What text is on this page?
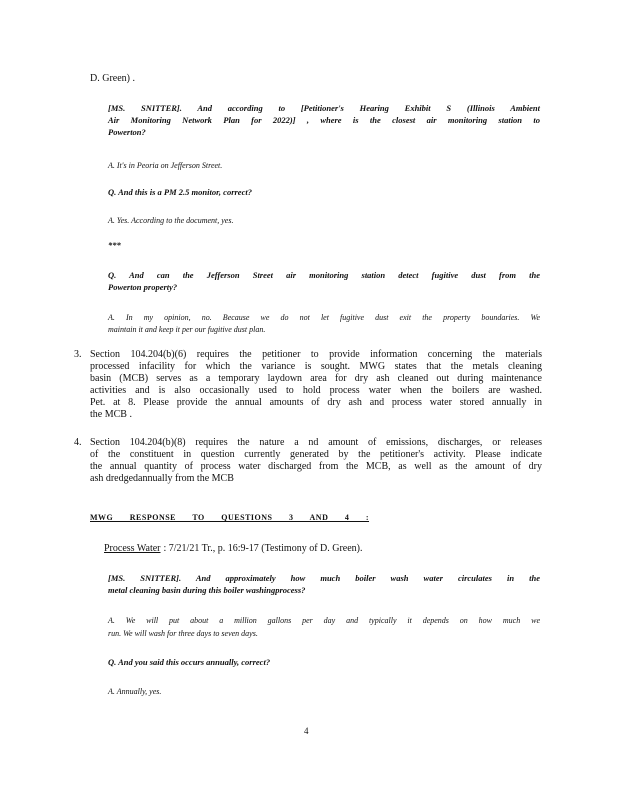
D. Green) .
[MS. SNITTER]. And according to [Petitioner's Hearing Exhibit S (Illinois Ambient
Air Monitoring Network Plan for 2022)] , where is the closest air monitoring station to
Powerton?
A. It's in Peoria on Jefferson Street.
Q. And this is a PM 2.5 monitor, correct?
A. Yes. According to the document, yes.
***
Q. And can the Jefferson Street air monitoring station detect fugitive dust from the
Powerton property?
A. In my opinion, no. Because we do not let fugitive dust exit the property boundaries. We
maintain it and keep it per our fugitive dust plan.
3. Section 104.204(b)(6) requires the petitioner to provide information concerning the materials
processed infacility for which the variance is sought. MWG states that the metals cleaning
basin (MCB) serves as a temporary laydown area for dry ash cleaned out during maintenance
activities and is also occasionally used to hold process water when the boilers are washed.
Pet. at 8. Please provide the annual amounts of dry ash and process water stored annually in
the MCB .
4. Section 104.204(b)(8) requires the nature a nd amount of emissions, discharges, or releases
of the constituent in question currently generated by the petitioner's activity. Please indicate
the annual quantity of process water discharged from the MCB, as well as the amount of dry
ash dredgedannually from the MCB
MWG RESPONSE TO QUESTIONS 3 AND 4 :
Process Water : 7/21/21 Tr., p. 16:9-17 (Testimony of D. Green).
[MS. SNITTER]. And approximately how much boiler wash water circulates in the
metal cleaning basin during this boiler washingprocess?
A. We will put about a million gallons per day and typically it depends on how much we
run. We will wash for three days to seven days.
Q. And you said this occurs annually, correct?
A. Annually, yes.
4
